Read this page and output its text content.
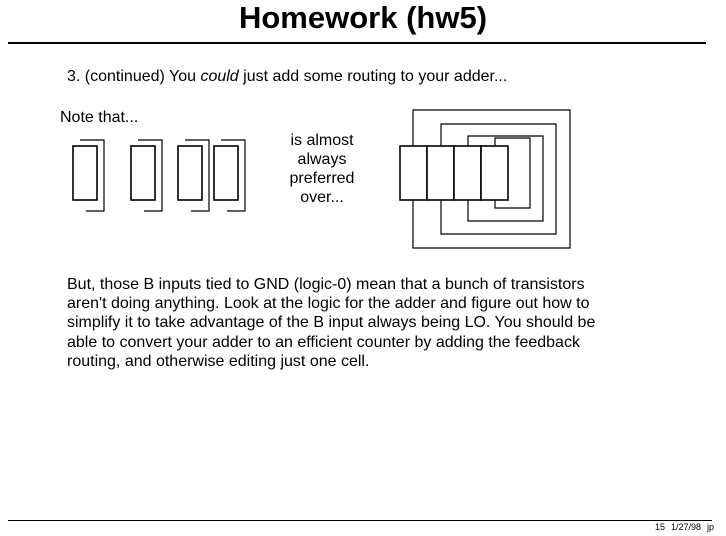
Homework (hw5)
3. (continued) You could just add some routing to your adder...
Note that...
is almost
always
preferred
over...
But, those B inputs tied to GND (logic-0) mean that a bunch of transistors
aren't doing anything. Look at the logic for the adder and figure out how to
simplify it to take advantage of the B input always being LO. You should be
able to convert your adder to an efficient counter by adding the feedback
routing, and otherwise editing just one cell.
15 1/27/98 jp
